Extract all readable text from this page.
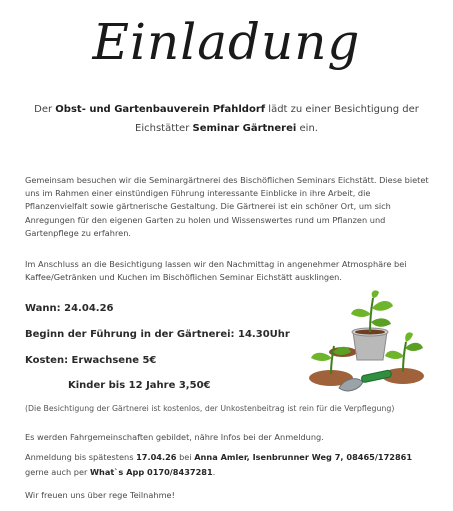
Einladung
Der Obst- und Gartenbauverein Pfahldorf lädt zu einer Besichtigung der Eichstätter Seminar Gärtnerei ein.
Gemeinsam besuchen wir die Seminargärtnerei des Bischöflichen Seminars Eichstätt. Diese bietet uns im Rahmen einer einstündigen Führung interessante Einblicke in ihre Arbeit, die Pflanzenvielfalt sowie gärtnerische Gestaltung. Die Gärtnerei ist ein schöner Ort, um sich Anregungen für den eigenen Garten zu holen und Wissenswertes rund um Pflanzen und Gartenpflege zu erfahren.
Im Anschluss an die Besichtigung lassen wir den Nachmittag in angenehmer Atmosphäre bei Kaffee/Getränken und Kuchen im Bischöflichen Seminar Eichstätt ausklingen.
Wann: 24.04.26
Beginn der Führung in der Gärtnerei: 14.30Uhr
Kosten: Erwachsene 5€
Kinder bis 12 Jahre 3,50€
(Die Besichtigung der Gärtnerei ist kostenlos, der Unkostenbeitrag ist rein für die Verpflegung)
Es werden Fahrgemeinschaften gebildet, nähre Infos bei der Anmeldung.
Anmeldung bis spätestens 17.04.26 bei Anna Amler, Isenbrunner Weg 7, 08465/172861 gerne auch per What`s App 0170/8437281.
Wir freuen uns über rege Teilnahme!
